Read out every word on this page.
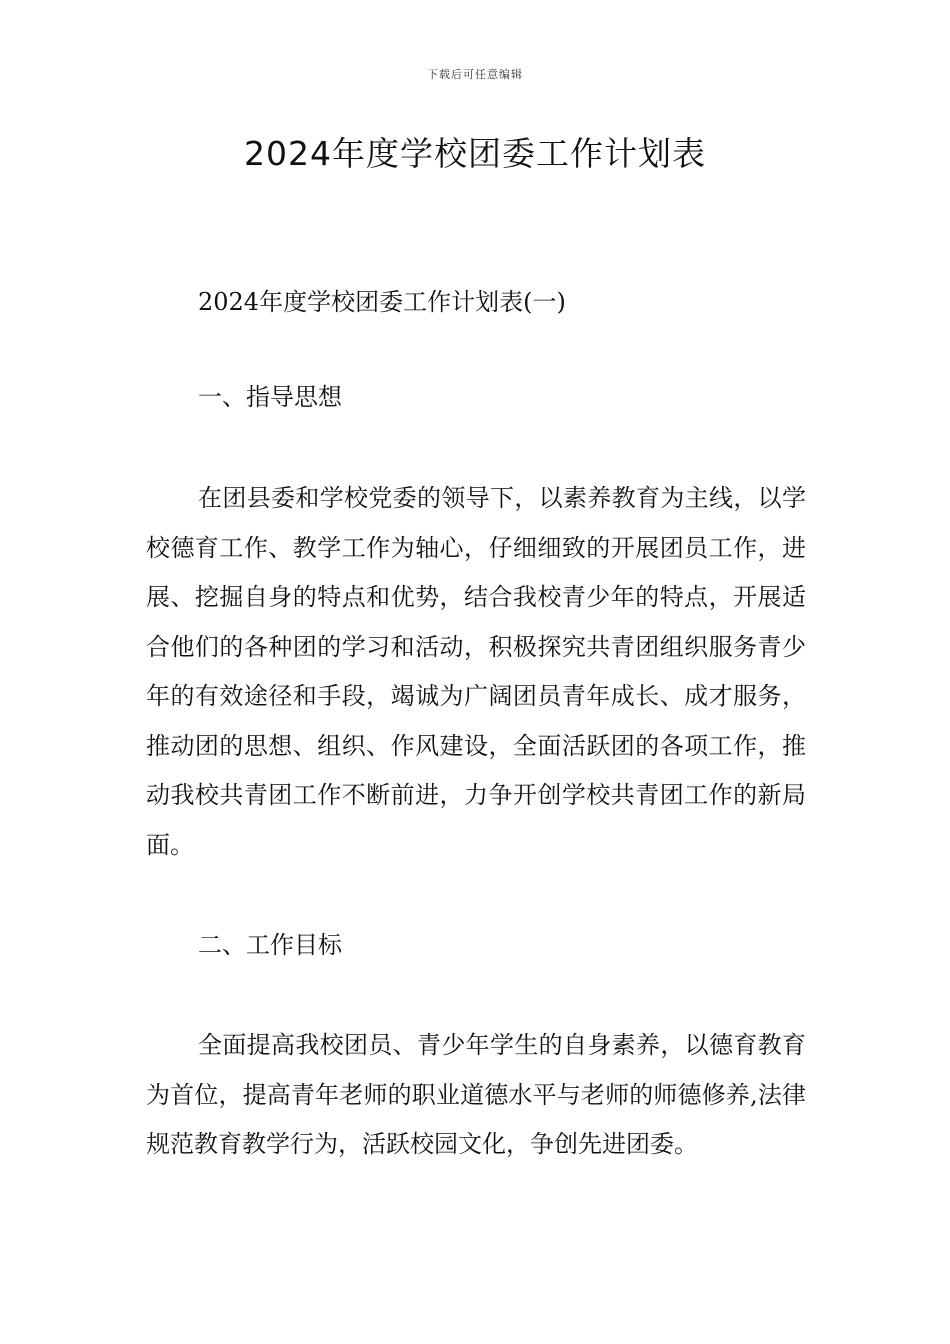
下载后可任意编辑
2024年度学校团委工作计划表

2024年度学校团委工作计划表(一)

一、指导思想

在团县委和学校党委的领导下，以素养教育为主线，以学校德育工作、教学工作为轴心，仔细细致的开展团员工作，进展、挖掘自身的特点和优势，结合我校青少年的特点，开展适合他们的各种团的学习和活动，积极探究共青团组织服务青少年的有效途径和手段，竭诚为广阔团员青年成长、成才服务，推动团的思想、组织、作风建设，全面活跃团的各项工作，推动我校共青团工作不断前进，力争开创学校共青团工作的新局面。

二、工作目标

全面提高我校团员、青少年学生的自身素养，以德育教育为首位，提高青年老师的职业道德水平与老师的师德修养,法律规范教育教学行为，活跃校园文化，争创先进团委。
